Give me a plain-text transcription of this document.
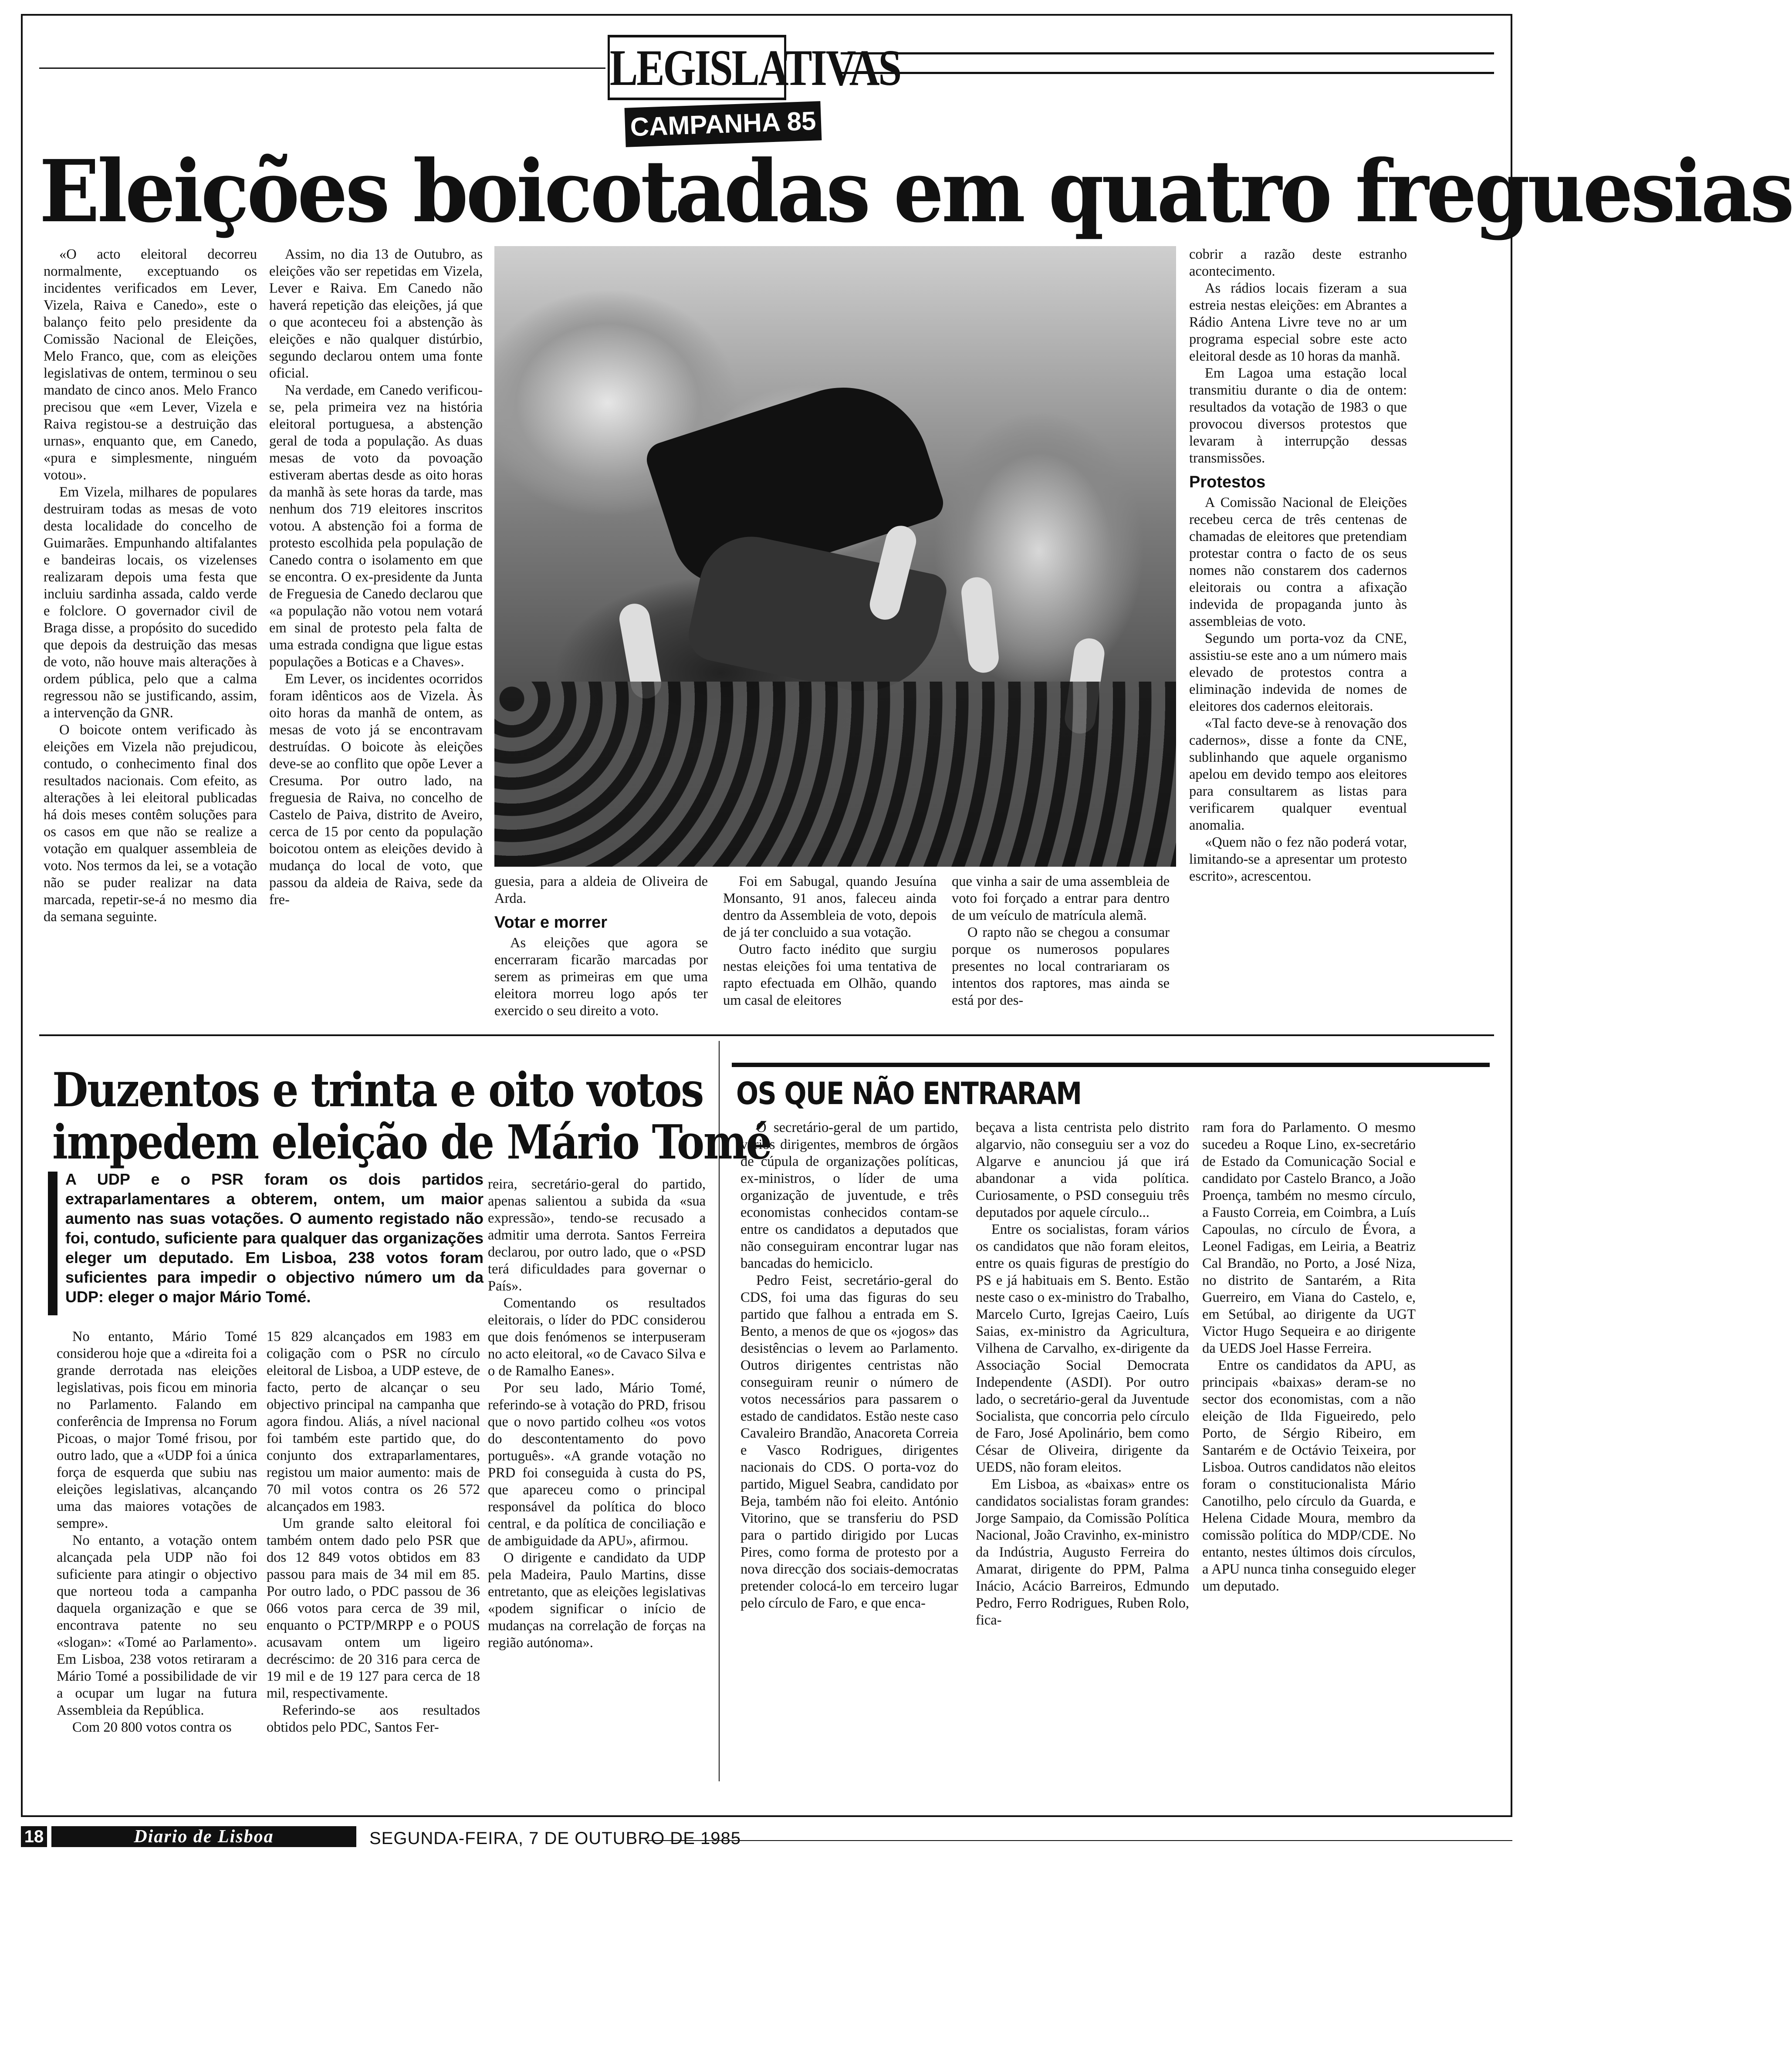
LEGISLATIVAS
CAMPANHA 85
Eleições boicotadas em quatro freguesias

«O acto eleitoral decorreu normalmente, exceptuando os incidentes verificados em Lever, Vizela, Raiva e Canedo», este o balanço feito pelo presidente da Comissão Nacional de Eleições, Melo Franco, que, com as eleições legislativas de ontem, terminou o seu mandato de cinco anos. Melo Franco precisou que «em Lever, Vizela e Raiva registou-se a destruição das urnas», enquanto que, em Canedo, «pura e simplesmente, ninguém votou».

Em Vizela, milhares de populares destruiram todas as mesas de voto desta localidade do concelho de Guimarães. Empunhando altifalantes e bandeiras locais, os vizelenses realizaram depois uma festa que incluiu sardinha assada, caldo verde e folclore. O governador civil de Braga disse, a propósito do sucedido que depois da destruição das mesas de voto, não houve mais alterações à ordem pública, pelo que a calma regressou não se justificando, assim, a intervenção da GNR.

O boicote ontem verificado às eleições em Vizela não prejudicou, contudo, o conhecimento final dos resultados nacionais. Com efeito, as alterações à lei eleitoral publicadas há dois meses contêm soluções para os casos em que não se realize a votação em qualquer assembleia de voto. Nos termos da lei, se a votação não se puder realizar na data marcada, repetir-se-á no mesmo dia da semana seguinte.

Assim, no dia 13 de Outubro, as eleições vão ser repetidas em Vizela, Lever e Raiva. Em Canedo não haverá repetição das eleições, já que o que aconteceu foi a abstenção às eleições e não qualquer distúrbio, segundo declarou ontem uma fonte oficial.

Na verdade, em Canedo verificou-se, pela primeira vez na história eleitoral portuguesa, a abstenção geral de toda a população. As duas mesas de voto da povoação estiveram abertas desde as oito horas da manhã às sete horas da tarde, mas nenhum dos 719 eleitores inscritos votou. A abstenção foi a forma de protesto escolhida pela população de Canedo contra o isolamento em que se encontra. O ex-presidente da Junta de Freguesia de Canedo declarou que «a população não votou nem votará em sinal de protesto pela falta de uma estrada condigna que ligue estas populações a Boticas e a Chaves».

Em Lever, os incidentes ocorridos foram idênticos aos de Vizela. Às oito horas da manhã de ontem, as mesas de voto já se encontravam destruídas. O boicote às eleições deve-se ao conflito que opõe Lever a Cresuma. Por outro lado, na freguesia de Raiva, no concelho de Castelo de Paiva, distrito de Aveiro, cerca de 15 por cento da população boicotou ontem as eleições devido à mudança do local de voto, que passou da aldeia de Raiva, sede da fre-

guesia, para a aldeia de Oliveira de Arda.

Votar e morrer

As eleições que agora se encerraram ficarão marcadas por serem as primeiras em que uma eleitora morreu logo após ter exercido o seu direito a voto.

Foi em Sabugal, quando Jesuína Monsanto, 91 anos, faleceu ainda dentro da Assembleia de voto, depois de já ter concluido a sua votação.

Outro facto inédito que surgiu nestas eleições foi uma tentativa de rapto efectuada em Olhão, quando um casal de eleitores

que vinha a sair de uma assembleia de voto foi forçado a entrar para dentro de um veículo de matrícula alemã.

O rapto não se chegou a consumar porque os numerosos populares presentes no local contrariaram os intentos dos raptores, mas ainda se está por des-

cobrir a razão deste estranho acontecimento.

As rádios locais fizeram a sua estreia nestas eleições: em Abrantes a Rádio Antena Livre teve no ar um programa especial sobre este acto eleitoral desde as 10 horas da manhã.

Em Lagoa uma estação local transmitiu durante o dia de ontem: resultados da votação de 1983 o que provocou diversos protestos que levaram à interrupção dessas transmissões.

Protestos

A Comissão Nacional de Eleições recebeu cerca de três centenas de chamadas de eleitores que pretendiam protestar contra o facto de os seus nomes não constarem dos cadernos eleitorais ou contra a afixação indevida de propaganda junto às assembleias de voto.

Segundo um porta-voz da CNE, assistiu-se este ano a um número mais elevado de protestos contra a eliminação indevida de nomes de eleitores dos cadernos eleitorais.

«Tal facto deve-se à renovação dos cadernos», disse a fonte da CNE, sublinhando que aquele organismo apelou em devido tempo aos eleitores para consultarem as listas para verificarem qualquer eventual anomalia.

«Quem não o fez não poderá votar, limitando-se a apresentar um protesto escrito», acrescentou.

Duzentos e trinta e oito votos
impedem eleição de Mário Tomé
A UDP e o PSR foram os dois partidos extraparlamentares a obterem, ontem, um maior aumento nas suas votações. O aumento registado não foi, contudo, suficiente para qualquer das organizações eleger um deputado. Em Lisboa, 238 votos foram suficientes para impedir o objectivo número um da UDP: eleger o major Mário Tomé.

No entanto, Mário Tomé considerou hoje que a «direita foi a grande derrotada nas eleições legislativas, pois ficou em minoria no Parlamento. Falando em conferência de Imprensa no Forum Picoas, o major Tomé frisou, por outro lado, que a «UDP foi a única força de esquerda que subiu nas eleições legislativas, alcançando uma das maiores votações de sempre».

No entanto, a votação ontem alcançada pela UDP não foi suficiente para atingir o objectivo que norteou toda a campanha daquela organização e que se encontrava patente no seu «slogan»: «Tomé ao Parlamento». Em Lisboa, 238 votos retiraram a Mário Tomé a possibilidade de vir a ocupar um lugar na futura Assembleia da República.

Com 20 800 votos contra os

15 829 alcançados em 1983 em coligação com o PSR no círculo eleitoral de Lisboa, a UDP esteve, de facto, perto de alcançar o seu objectivo principal na campanha que agora findou. Aliás, a nível nacional foi também este partido que, do conjunto dos extraparlamentares, registou um maior aumento: mais de 70 mil votos contra os 26 572 alcançados em 1983.

Um grande salto eleitoral foi também ontem dado pelo PSR que dos 12 849 votos obtidos em 83 passou para mais de 34 mil em 85. Por outro lado, o PDC passou de 36 066 votos para cerca de 39 mil, enquanto o PCTP/MRPP e o POUS acusavam ontem um ligeiro decréscimo: de 20 316 para cerca de 19 mil e de 19 127 para cerca de 18 mil, respectivamente.

Referindo-se aos resultados obtidos pelo PDC, Santos Fer-

reira, secretário-geral do partido, apenas salientou a subida da «sua expressão», tendo-se recusado a admitir uma derrota. Santos Ferreira declarou, por outro lado, que o «PSD terá dificuldades para governar o País».

Comentando os resultados eleitorais, o líder do PDC considerou que dois fenómenos se interpuseram no acto eleitoral, «o de Cavaco Silva e o de Ramalho Eanes».

Por seu lado, Mário Tomé, referindo-se à votação do PRD, frisou que o novo partido colheu «os votos do descontentamento do povo português». «A grande votação no PRD foi conseguida à custa do PS, que apareceu como o principal responsável da política do bloco central, e da política de conciliação e de ambiguidade da APU», afirmou.

O dirigente e candidato da UDP pela Madeira, Paulo Martins, disse entretanto, que as eleições legislativas «podem significar o início de mudanças na correlação de forças na região autónoma».

OS QUE NÃO ENTRARAM

O secretário-geral de um partido, vários dirigentes, membros de órgãos de cúpula de organizações políticas, ex-ministros, o líder de uma organização de juventude, e três economistas conhecidos contam-se entre os candidatos a deputados que não conseguiram encontrar lugar nas bancadas do hemiciclo.

Pedro Feist, secretário-geral do CDS, foi uma das figuras do seu partido que falhou a entrada em S. Bento, a menos de que os «jogos» das desistências o levem ao Parlamento. Outros dirigentes centristas não conseguiram reunir o número de votos necessários para passarem o estado de candidatos. Estão neste caso Cavaleiro Brandão, Anacoreta Correia e Vasco Rodrigues, dirigentes nacionais do CDS. O porta-voz do partido, Miguel Seabra, candidato por Beja, também não foi eleito. António Vitorino, que se transferiu do PSD para o partido dirigido por Lucas Pires, como forma de protesto por a nova direcção dos sociais-democratas pretender colocá-lo em terceiro lugar pelo círculo de Faro, e que enca-

beçava a lista centrista pelo distrito algarvio, não conseguiu ser a voz do Algarve e anunciou já que irá abandonar a vida política. Curiosamente, o PSD conseguiu três deputados por aquele círculo...

Entre os socialistas, foram vários os candidatos que não foram eleitos, entre os quais figuras de prestígio do PS e já habituais em S. Bento. Estão neste caso o ex-ministro do Trabalho, Marcelo Curto, Igrejas Caeiro, Luís Saias, ex-ministro da Agricultura, Vilhena de Carvalho, ex-dirigente da Associação Social Democrata Independente (ASDI). Por outro lado, o secretário-geral da Juventude Socialista, que concorria pelo círculo de Faro, José Apolinário, bem como César de Oliveira, dirigente da UEDS, não foram eleitos.

Em Lisboa, as «baixas» entre os candidatos socialistas foram grandes: Jorge Sampaio, da Comissão Política Nacional, João Cravinho, ex-ministro da Indústria, Augusto Ferreira do Amarat, dirigente do PPM, Palma Inácio, Acácio Barreiros, Edmundo Pedro, Ferro Rodrigues, Ruben Rolo, fica-

ram fora do Parlamento. O mesmo sucedeu a Roque Lino, ex-secretário de Estado da Comunicação Social e candidato por Castelo Branco, a João Proença, também no mesmo círculo, a Fausto Correia, em Coimbra, a Luís Capoulas, no círculo de Évora, a Leonel Fadigas, em Leiria, a Beatriz Cal Brandão, no Porto, a José Niza, no distrito de Santarém, a Rita Guerreiro, em Viana do Castelo, e, em Setúbal, ao dirigente da UGT Victor Hugo Sequeira e ao dirigente da UEDS Joel Hasse Ferreira.

Entre os candidatos da APU, as principais «baixas» deram-se no sector dos economistas, com a não eleição de Ilda Figueiredo, pelo Porto, de Sérgio Ribeiro, em Santarém e de Octávio Teixeira, por Lisboa. Outros candidatos não eleitos foram o constitucionalista Mário Canotilho, pelo círculo da Guarda, e Helena Cidade Moura, membro da comissão política do MDP/CDE. No entanto, nestes últimos dois círculos, a APU nunca tinha conseguido eleger um deputado.

18	Diario de Lisboa	SEGUNDA-FEIRA, 7 DE OUTUBRO DE 1985
